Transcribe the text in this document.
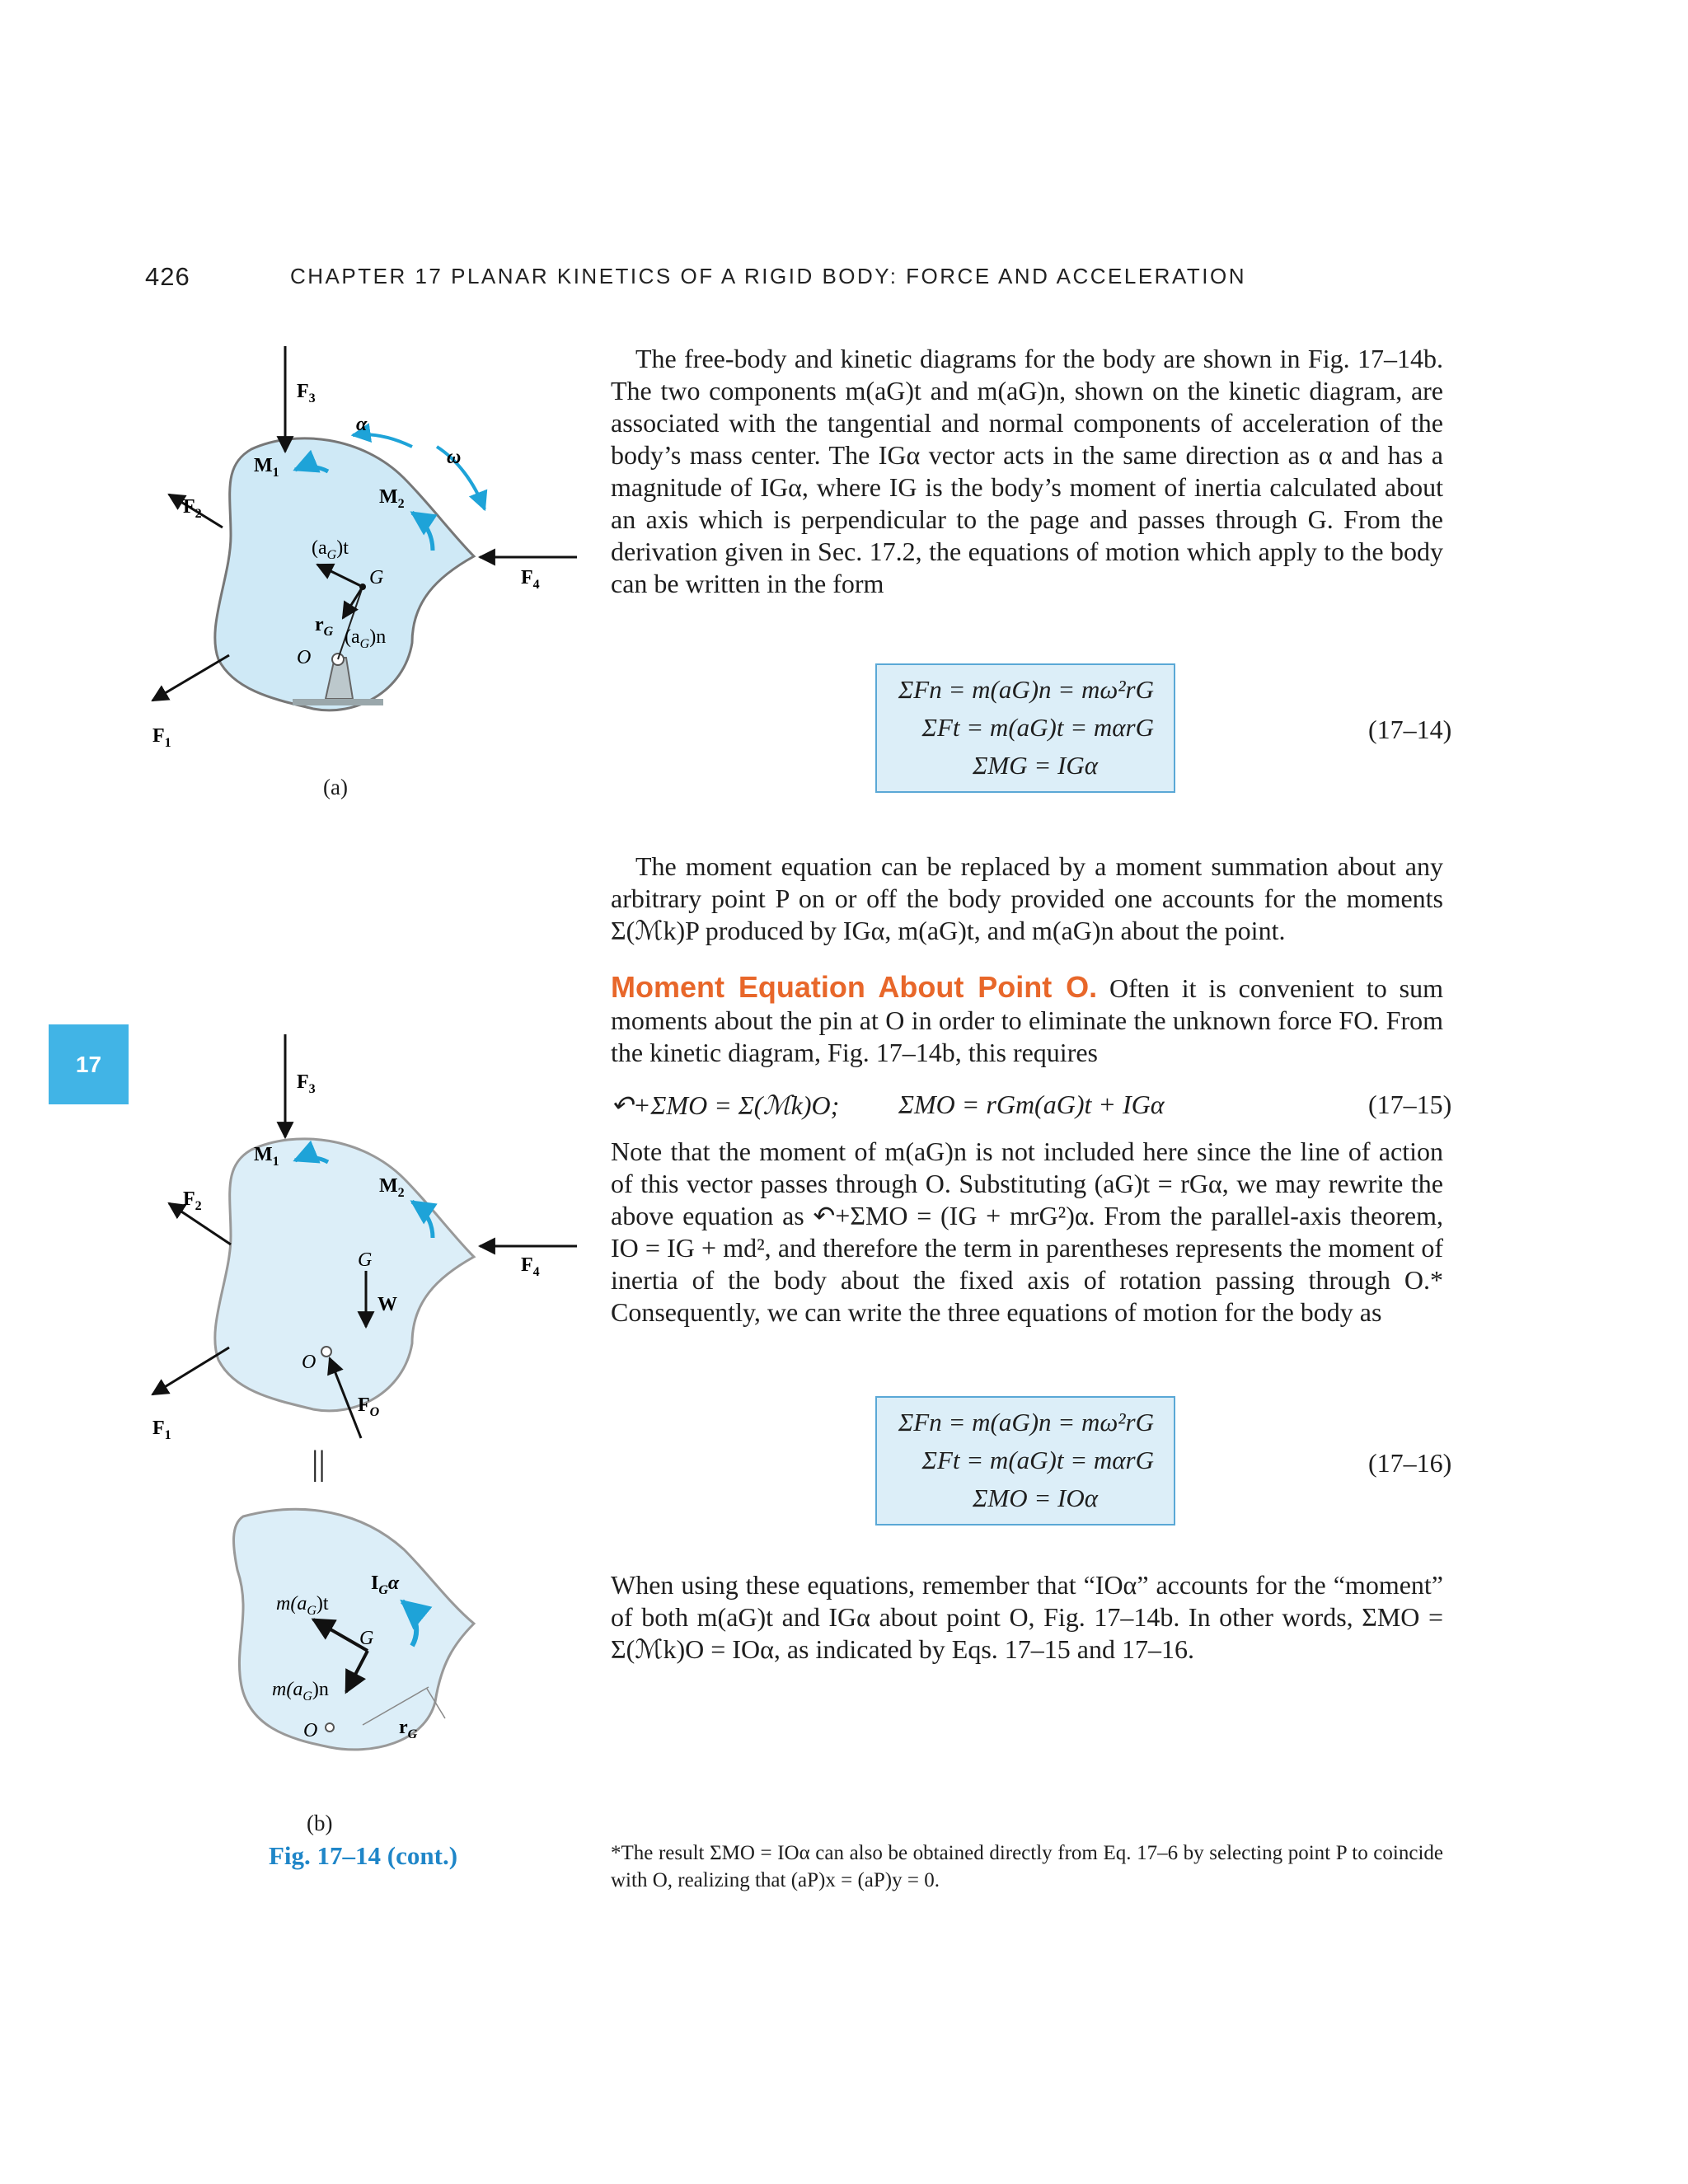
426	CHAPTER 17 PLANAR KINETICS OF A RIGID BODY: FORCE AND ACCELERATION
17
$F_3$
$F_2$
$F_1$
$F_4$
$M_1$
$M_2$
α
ω
$(a_G)t$
G
$r_G$ $(a_G)n$
O
(a)
$F_3$
$F_2$
$F_1$
$F_4$
$M_1$
$M_2$
G
W
O
$F_O$
||
$I_G\alpha$
$m(a_G)t$
G
$m(a_G)n$
O	$r_G$
(b)
Fig. 17–14 (cont.)

The free-body and kinetic diagrams for the body are shown in Fig. 17–14b. The two components m(aG)t and m(aG)n, shown on the kinetic diagram, are associated with the tangential and normal components of acceleration of the body’s mass center. The IGα vector acts in the same direction as α and has a magnitude of IGα, where IG is the body’s moment of inertia calculated about an axis which is perpendicular to the page and passes through G. From the derivation given in Sec. 17.2, the equations of motion which apply to the body can be written in the form

ΣFn = m(aG)n = mω²rG
ΣFt = m(aG)t = mαrG
ΣMG = IGα
(17–14)

The moment equation can be replaced by a moment summation about any arbitrary point P on or off the body provided one accounts for the moments Σ(ℳk)P produced by IGα, m(aG)t, and m(aG)n about the point.

Moment Equation About Point O. Often it is convenient to sum moments about the pin at O in order to eliminate the unknown force FO. From the kinetic diagram, Fig. 17–14b, this requires

↶+ΣMO = Σ(ℳk)O; ΣMO = rGm(aG)t + IGα	(17–15)

Note that the moment of m(aG)n is not included here since the line of action of this vector passes through O. Substituting (aG)t = rGα, we may rewrite the above equation as ↶+ΣMO = (IG + mrG²)α. From the parallel-axis theorem, IO = IG + md², and therefore the term in parentheses represents the moment of inertia of the body about the fixed axis of rotation passing through O.* Consequently, we can write the three equations of motion for the body as

ΣFn = m(aG)n = mω²rG
ΣFt = m(aG)t = mαrG
ΣMO = IOα
(17–16)

When using these equations, remember that “IOα” accounts for the “moment” of both m(aG)t and IGα about point O, Fig. 17–14b. In other words, ΣMO = Σ(ℳk)O = IOα, as indicated by Eqs. 17–15 and 17–16.

*The result ΣMO = IOα can also be obtained directly from Eq. 17–6 by selecting point P to coincide with O, realizing that (aP)x = (aP)y = 0.
